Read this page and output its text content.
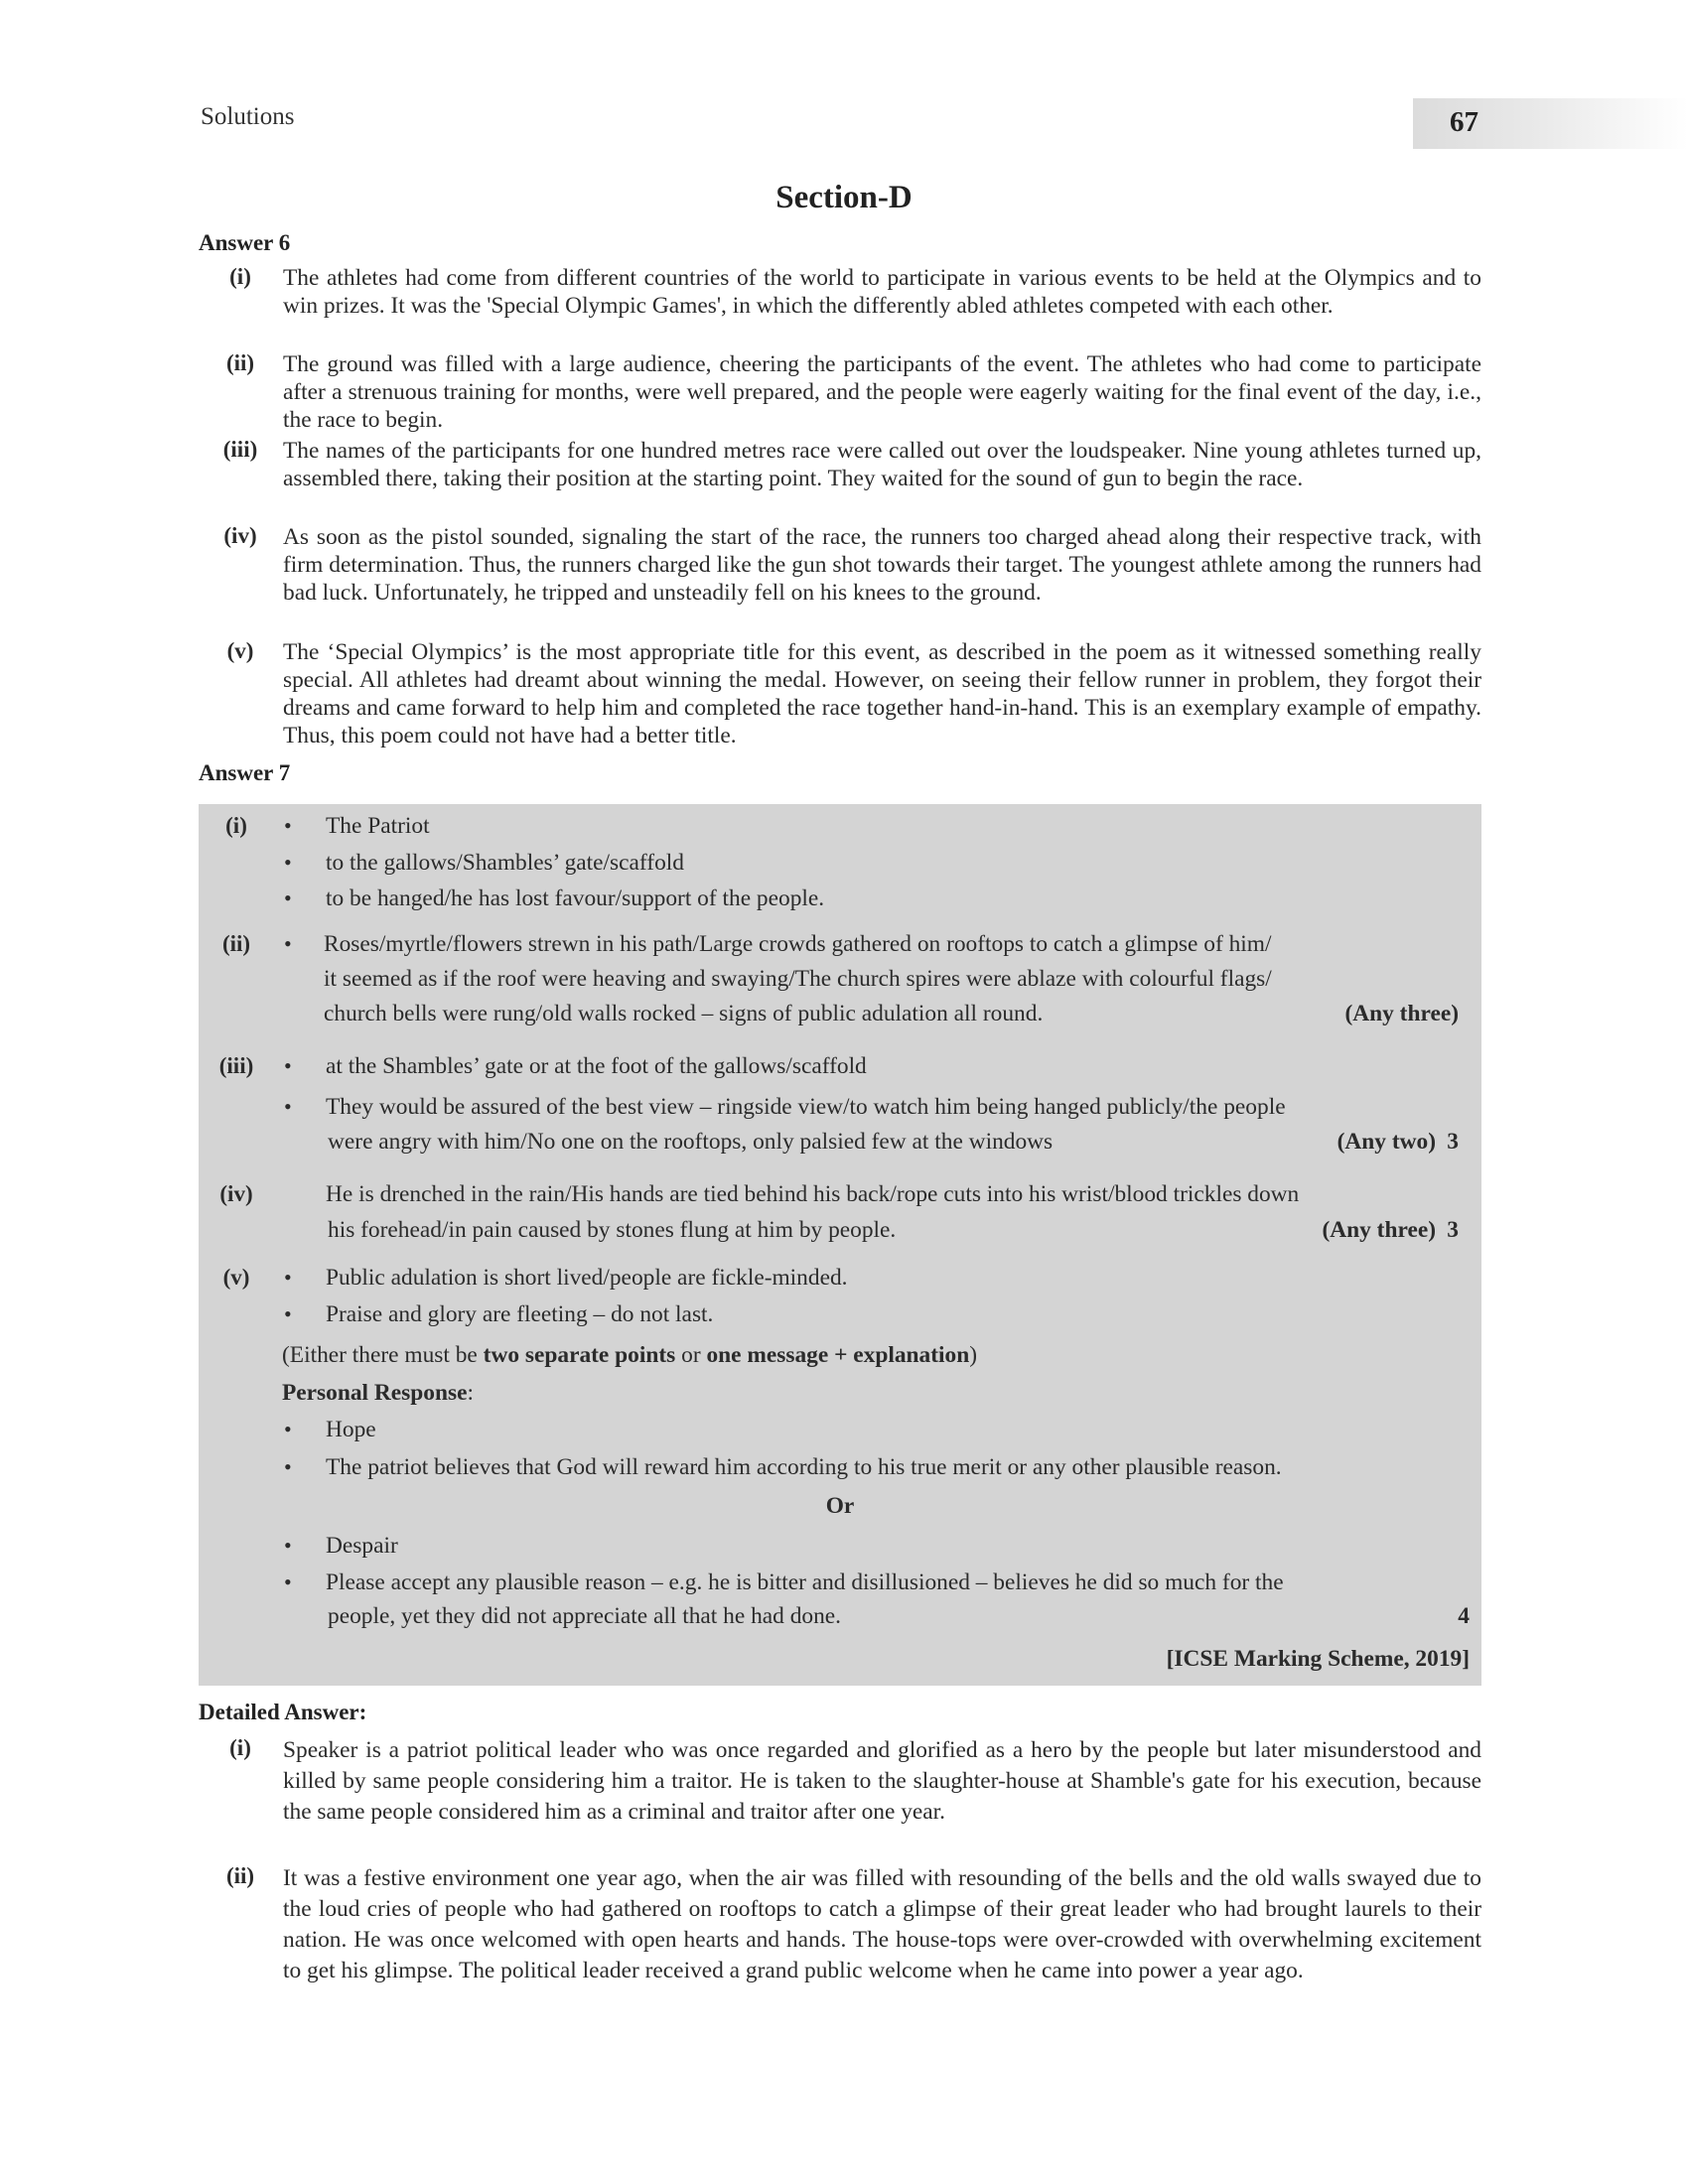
Solutions	67
Section-D
Answer 6
(i)	The athletes had come from different countries of the world to participate in various events to be held at the Olympics and to win prizes. It was the 'Special Olympic Games', in which the differently abled athletes competed with each other.
(ii)	The ground was filled with a large audience, cheering the participants of the event. The athletes who had come to participate after a strenuous training for months, were well prepared, and the people were eagerly waiting for the final event of the day, i.e., the race to begin.
(iii)	The names of the participants for one hundred metres race were called out over the loudspeaker. Nine young athletes turned up, assembled there, taking their position at the starting point. They waited for the sound of gun to begin the race.
(iv)	As soon as the pistol sounded, signaling the start of the race, the runners too charged ahead along their respective track, with firm determination. Thus, the runners charged like the gun shot towards their target. The youngest athlete among the runners had bad luck. Unfortunately, he tripped and unsteadily fell on his knees to the ground.
(v)	The ‘Special Olympics’ is the most appropriate title for this event, as described in the poem as it witnessed something really special. All athletes had dreamt about winning the medal. However, on seeing their fellow runner in problem, they forgot their dreams and came forward to help him and completed the race together hand-in-hand. This is an exemplary example of empathy. Thus, this poem could not have had a better title.
Answer 7
(i)	• The Patriot
• to the gallows/Shambles’ gate/scaffold
• to be hanged/he has lost favour/support of the people.
(ii)	• Roses/myrtle/flowers strewn in his path/Large crowds gathered on rooftops to catch a glimpse of him/
it seemed as if the roof were heaving and swaying/The church spires were ablaze with colourful flags/
church bells were rung/old walls rocked – signs of public adulation all round.	(Any three)
(iii)	• at the Shambles’ gate or at the foot of the gallows/scaffold
• They would be assured of the best view – ringside view/to watch him being hanged publicly/the people
were angry with him/No one on the rooftops, only palsied few at the windows	(Any two) 3
(iv)	He is drenched in the rain/His hands are tied behind his back/rope cuts into his wrist/blood trickles down
his forehead/in pain caused by stones flung at him by people.	(Any three) 3
(v)	• Public adulation is short lived/people are fickle-minded.
• Praise and glory are fleeting – do not last.
(Either there must be two separate points or one message + explanation)
Personal Response:
• Hope
• The patriot believes that God will reward him according to his true merit or any other plausible reason.
Or
• Despair
• Please accept any plausible reason – e.g. he is bitter and disillusioned – believes he did so much for the
people, yet they did not appreciate all that he had done.	4
[ICSE Marking Scheme, 2019]
Detailed Answer:
(i)	Speaker is a patriot political leader who was once regarded and glorified as a hero by the people but later misunderstood and killed by same people considering him a traitor. He is taken to the slaughter-house at Shamble's gate for his execution, because the same people considered him as a criminal and traitor after one year.
(ii)	It was a festive environment one year ago, when the air was filled with resounding of the bells and the old walls swayed due to the loud cries of people who had gathered on rooftops to catch a glimpse of their great leader who had brought laurels to their nation. He was once welcomed with open hearts and hands. The house-tops were over-crowded with overwhelming excitement to get his glimpse. The political leader received a grand public welcome when he came into power a year ago.
